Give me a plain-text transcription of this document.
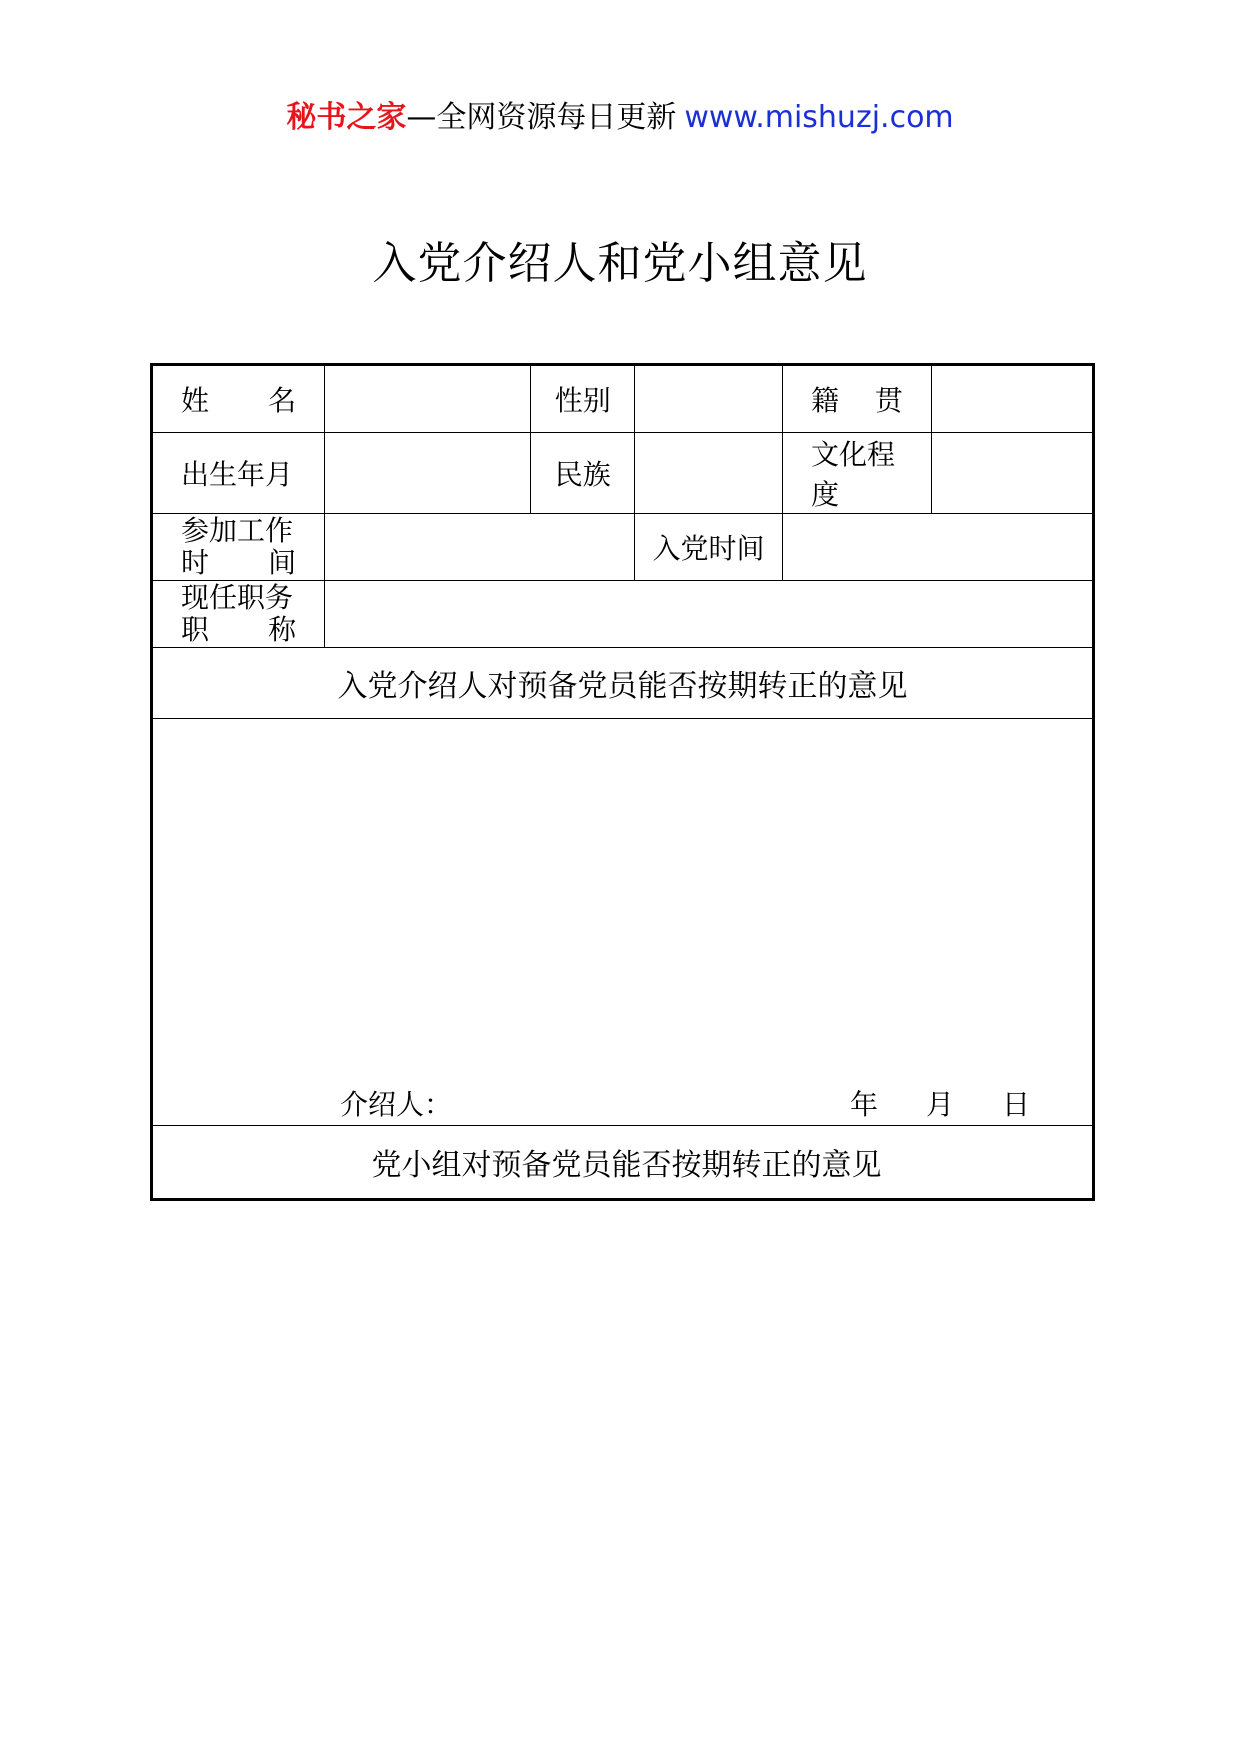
秘书之家—全网资源每日更新 www.mishuzj.com
入党介绍人和党小组意见
姓 名		性别		籍 贯	

出生年月		民族		文化程度	

参加工作
时 间			入党时间		

现任职务
职 称					

入党介绍人对预备党员能否按期转正的意见					

介绍人： 年 月 日					

党小组对预备党员能否按期转正的意见					
